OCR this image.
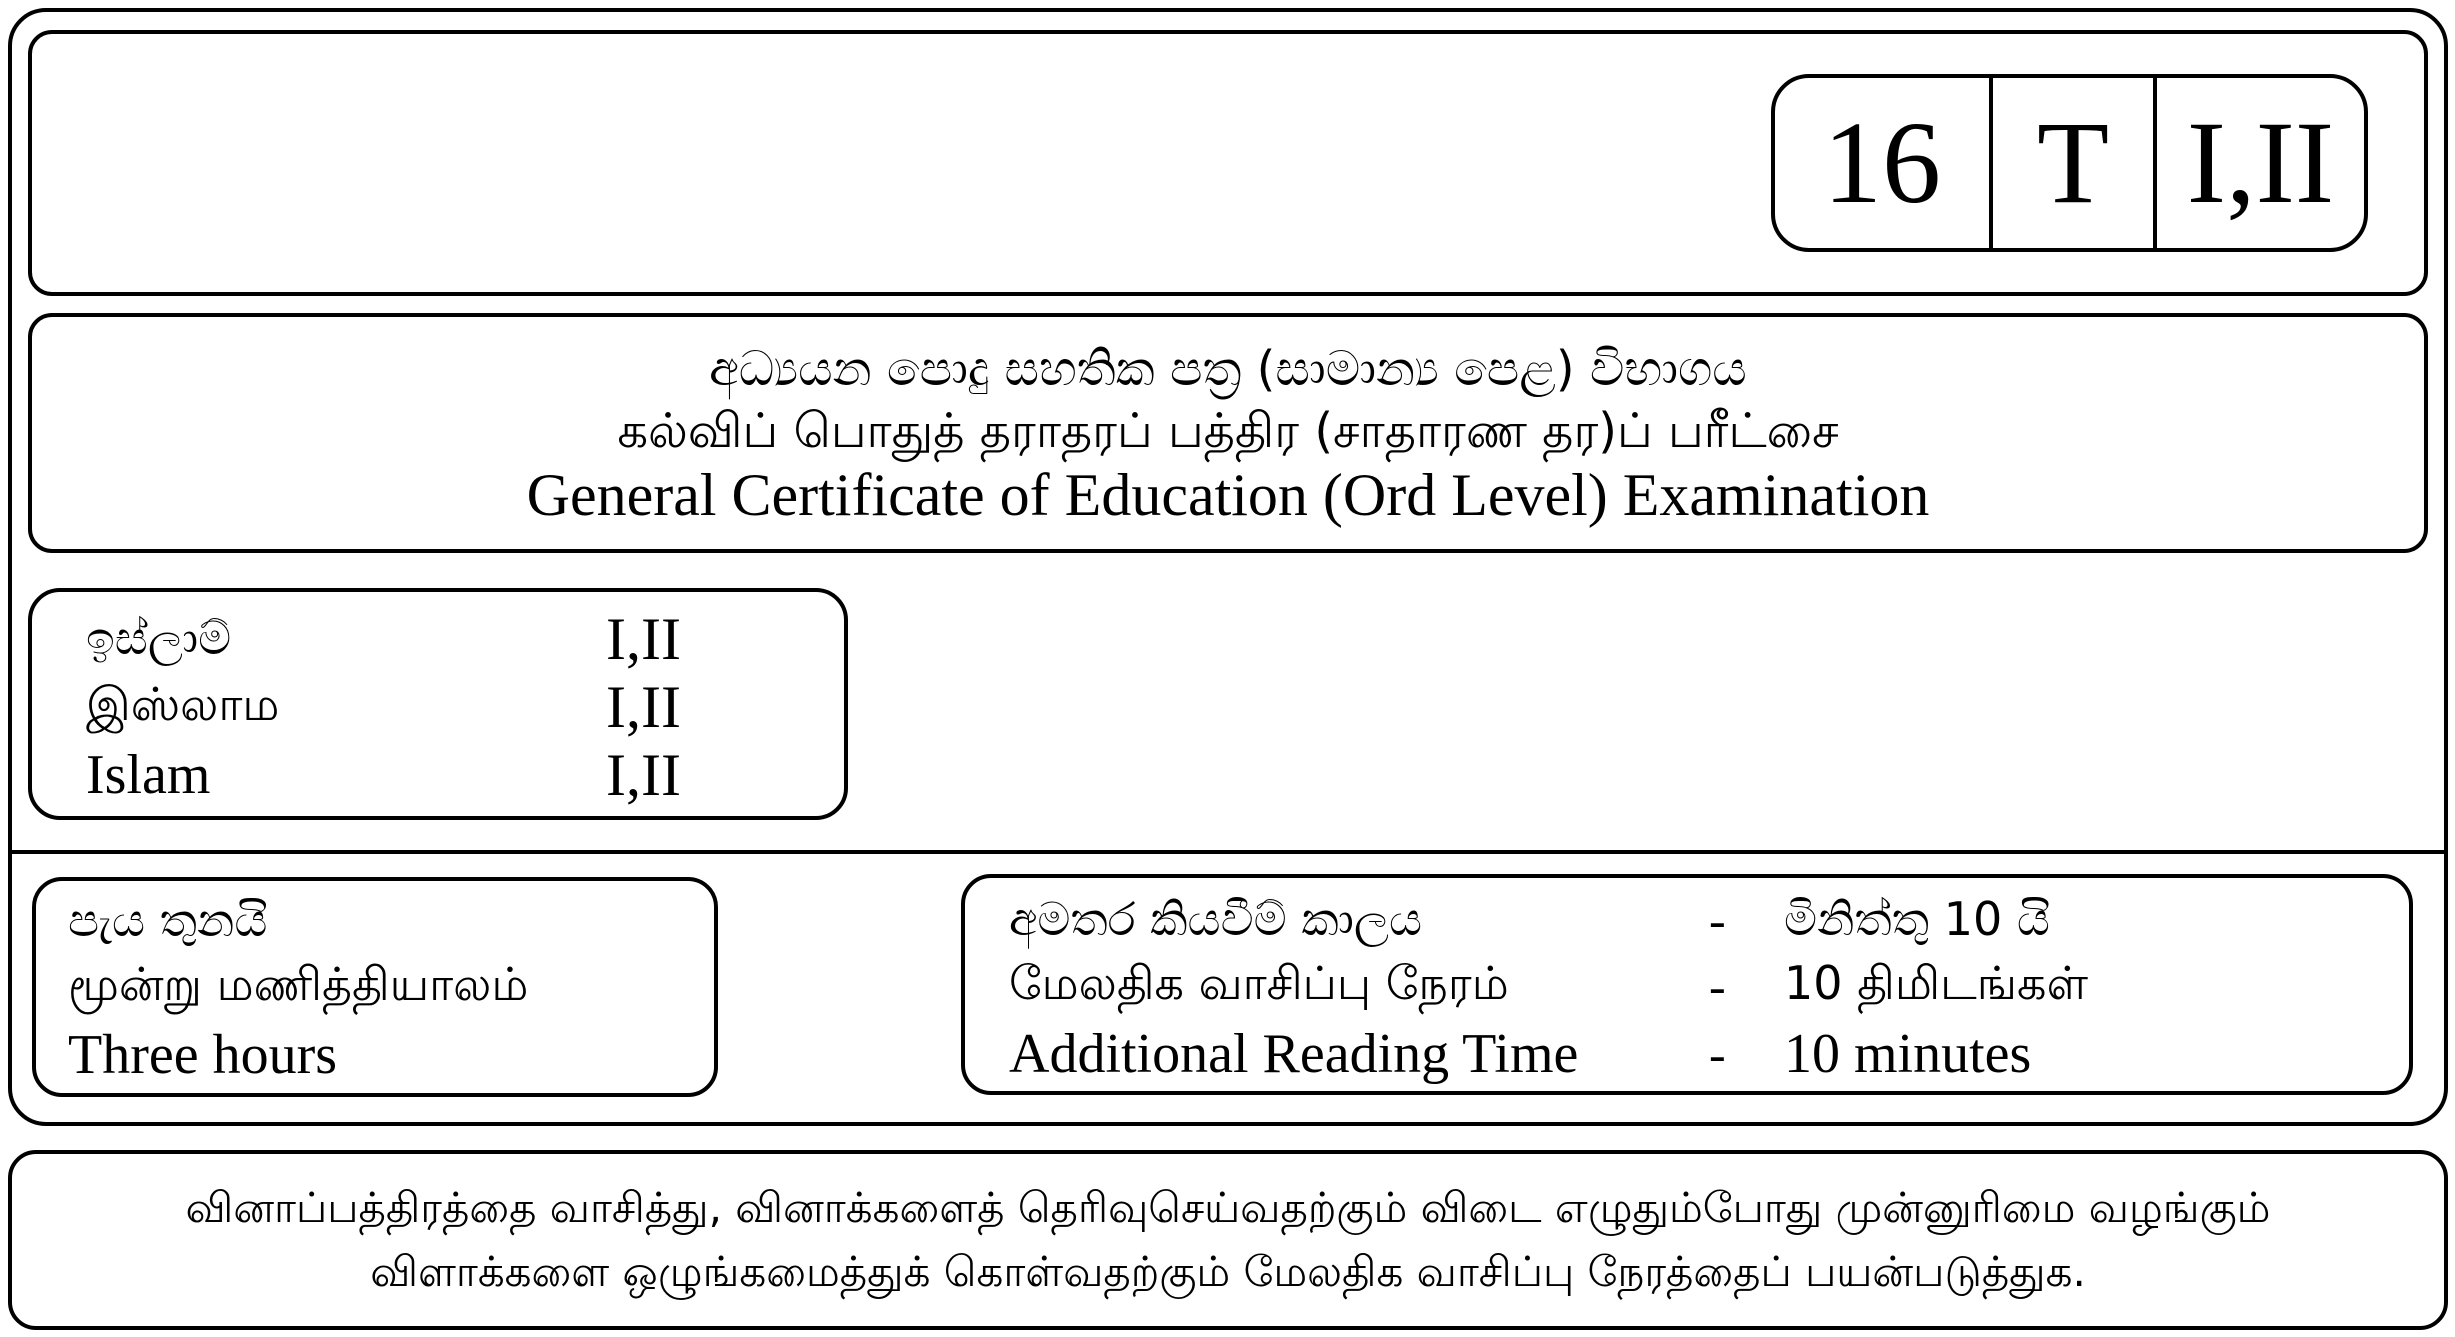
16 T I,II
අධ්‍යයන පොදු සහතික පත්‍ර (සාමාන්‍ය පෙළ) විභාගය
கல்விப் பொதுத் தராதரப் பத்திர (சாதாரண தர)ப் பரீட்சை
General Certificate of Education (Ord Level) Examination
ඉස්ලාම්	I,II
இஸ்லாம	I,II
Islam	I,II
පැය තුනයි
மூன்று மணித்தியாலம்
Three hours
අමතර කියවීම් කාලය	-	මිනිත්තු 10 යි
மேலதிக வாசிப்பு நேரம்	-	10 திமிடங்கள்
Additional Reading Time	-	10 minutes
வினாப்பத்திரத்தை வாசித்து, வினாக்களைத் தெரிவுசெய்வதற்கும் விடை எழுதும்போது முன்னுரிமை வழங்கும்
விளாக்களை ஒழுங்கமைத்துக் கொள்வதற்கும் மேலதிக வாசிப்பு நேரத்தைப் பயன்படுத்துக.
